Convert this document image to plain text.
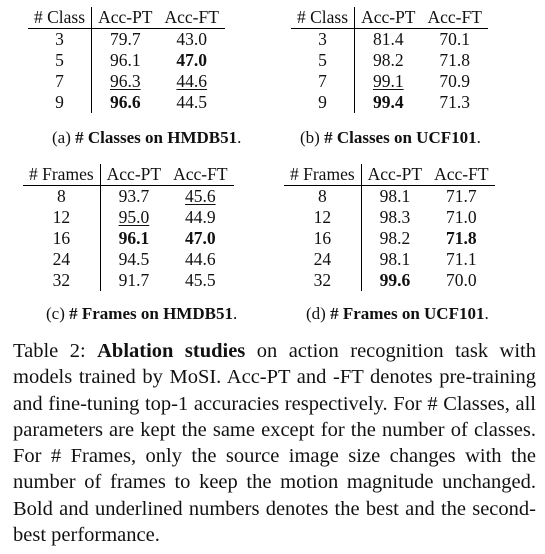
# Class	Acc-PT	Acc-FT
3	79.7	43.0
5	96.1	47.0
7	96.3	44.6
9	96.6	44.5
(a) # Classes on HMDB51.
# Class	Acc-PT	Acc-FT
3	81.4	70.1
5	98.2	71.8
7	99.1	70.9
9	99.4	71.3
(b) # Classes on UCF101.
# Frames	Acc-PT	Acc-FT
8	93.7	45.6
12	95.0	44.9
16	96.1	47.0
24	94.5	44.6
32	91.7	45.5
(c) # Frames on HMDB51.
# Frames	Acc-PT	Acc-FT
8	98.1	71.7
12	98.3	71.0
16	98.2	71.8
24	98.1	71.1
32	99.6	70.0
(d) # Frames on UCF101.
Table 2: Ablation studies on action recognition task with models trained by MoSI. Acc-PT and -FT denotes pre-training and fine-tuning top-1 accuracies respectively. For # Classes, all parameters are kept the same except for the number of classes. For # Frames, only the source image size changes with the number of frames to keep the motion magnitude unchanged. Bold and underlined numbers denotes the best and the second-best performance.
